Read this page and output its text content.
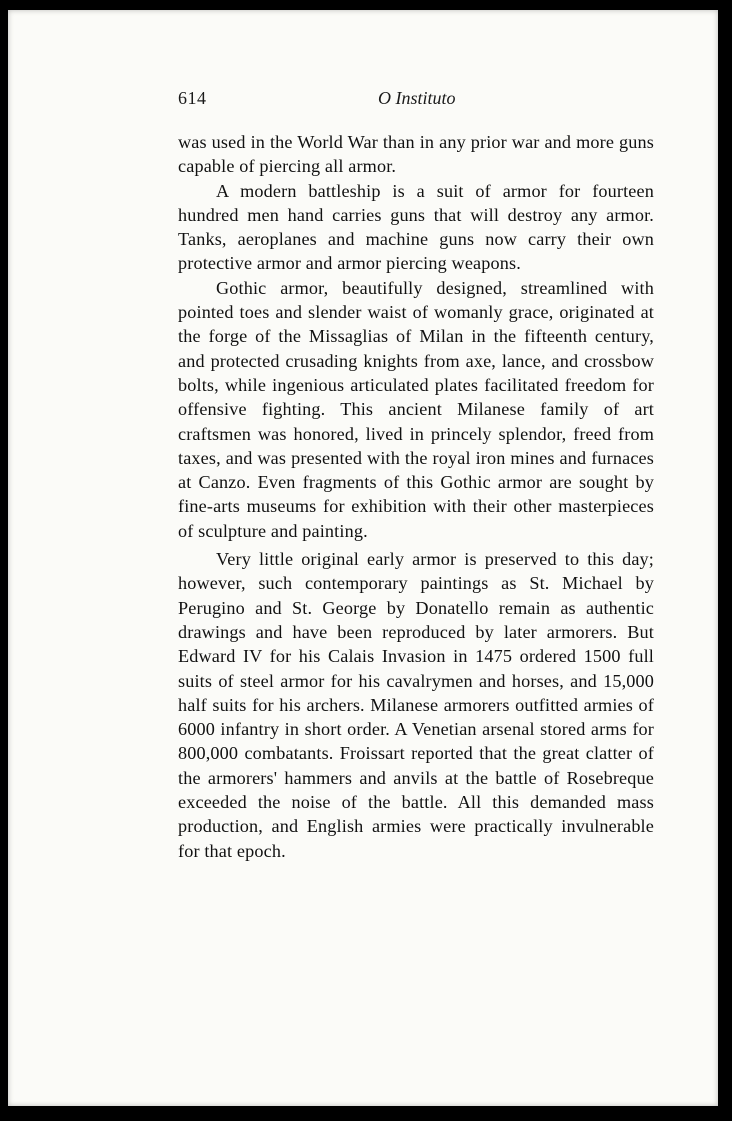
614	O Instituto

was used in the World War than in any prior war and more guns capable of piercing all armor.

A modern battleship is a suit of armor for fourteen hundred men hand carries guns that will destroy any armor. Tanks, aeroplanes and machine guns now carry their own protective armor and armor piercing weapons.

Gothic armor, beautifully designed, streamlined with pointed toes and slender waist of womanly grace, originated at the forge of the Missaglias of Milan in the fifteenth century, and protected crusading knights from axe, lance, and crossbow bolts, while ingenious articulated plates facilitated freedom for offensive fighting. This ancient Milanese family of art craftsmen was honored, lived in princely splendor, freed from taxes, and was presented with the royal iron mines and furnaces at Canzo. Even fragments of this Gothic armor are sought by fine-arts museums for exhibition with their other masterpieces of sculpture and painting.

Very little original early armor is preserved to this day; however, such contemporary paintings as St. Michael by Perugino and St. George by Donatello remain as authentic drawings and have been reproduced by later armorers. But Edward IV for his Calais Invasion in 1475 ordered 1500 full suits of steel armor for his cavalrymen and horses, and 15,000 half suits for his archers. Milanese armorers outfitted armies of 6000 infantry in short order. A Venetian arsenal stored arms for 800,000 combatants. Froissart reported that the great clatter of the armorers' hammers and anvils at the battle of Rosebreque exceeded the noise of the battle. All this demanded mass production, and English armies were practically invulnerable for that epoch.
